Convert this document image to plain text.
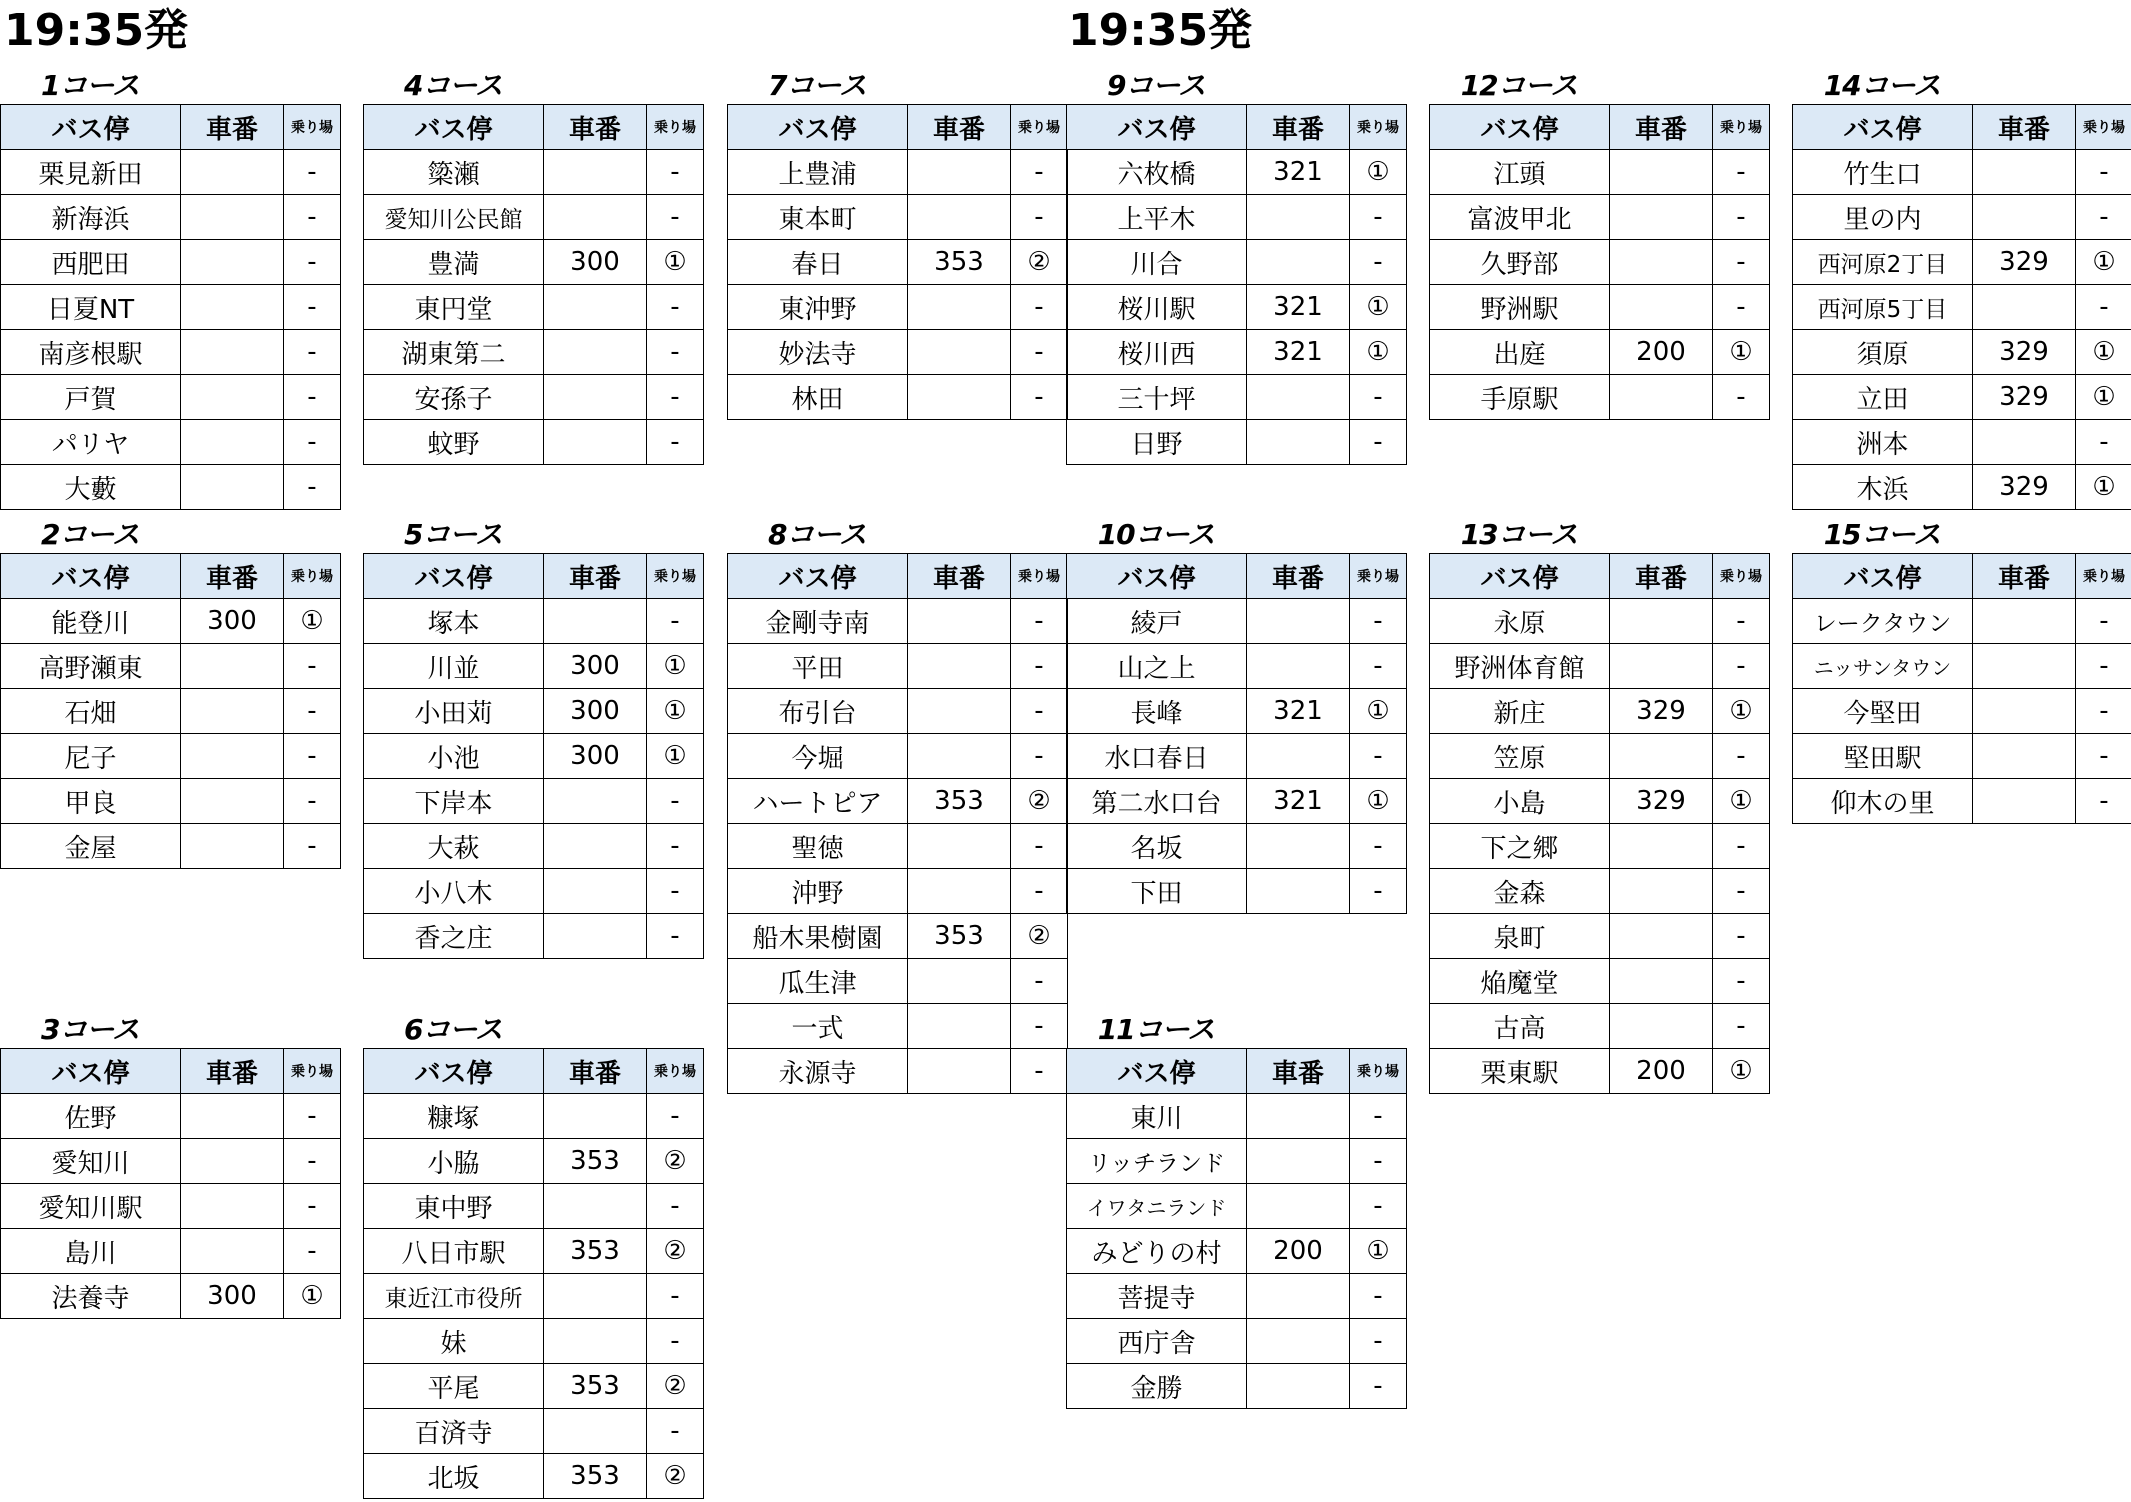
19:35発	19:35発
1コース
バス停	車番	乗り場
栗見新田		-
新海浜		-
西肥田		-
日夏NT		-
南彦根駅		-
戸賀		-
パリヤ		-
大藪		-
2コース
バス停	車番	乗り場
能登川	300	①
高野瀬東		-
石畑		-
尼子		-
甲良		-
金屋		-
3コース
バス停	車番	乗り場
佐野		-
愛知川		-
愛知川駅		-
島川		-
法養寺	300	①
4コース
バス停	車番	乗り場
簗瀬		-
愛知川公民館		-
豊満	300	①
東円堂		-
湖東第二		-
安孫子		-
蚊野		-
5コース
バス停	車番	乗り場
塚本		-
川並	300	①
小田苅	300	①
小池	300	①
下岸本		-
大萩		-
小八木		-
香之庄		-
6コース
バス停	車番	乗り場
糠塚		-
小脇	353	②
東中野		-
八日市駅	353	②
東近江市役所		-
妹		-
平尾	353	②
百済寺		-
北坂	353	②
7コース
バス停	車番	乗り場
上豊浦		-
東本町		-
春日	353	②
東沖野		-
妙法寺		-
林田		-
8コース
バス停	車番	乗り場
金剛寺南		-
平田		-
布引台		-
今堀		-
ハートピア	353	②
聖徳		-
沖野		-
船木果樹園	353	②
瓜生津		-
一式		-
永源寺		-
9コース
バス停	車番	乗り場
六枚橋	321	①
上平木		-
川合		-
桜川駅	321	①
桜川西	321	①
三十坪		-
日野		-
10コース
バス停	車番	乗り場
綾戸		-
山之上		-
長峰	321	①
水口春日		-
第二水口台	321	①
名坂		-
下田		-
11コース
バス停	車番	乗り場
東川		-
リッチランド		-
イワタニランド		-
みどりの村	200	①
菩提寺		-
西庁舎		-
金勝		-
12コース
バス停	車番	乗り場
江頭		-
富波甲北		-
久野部		-
野洲駅		-
出庭	200	①
手原駅		-
13コース
バス停	車番	乗り場
永原		-
野洲体育館		-
新庄	329	①
笠原		-
小島	329	①
下之郷		-
金森		-
泉町		-
焔魔堂		-
古高		-
栗東駅	200	①
14コース
バス停	車番	乗り場
竹生口		-
里の内		-
西河原2丁目	329	①
西河原5丁目		-
須原	329	①
立田	329	①
洲本		-
木浜	329	①
15コース
バス停	車番	乗り場
レークタウン		-
ニッサンタウン		-
今堅田		-
堅田駅		-
仰木の里		-
